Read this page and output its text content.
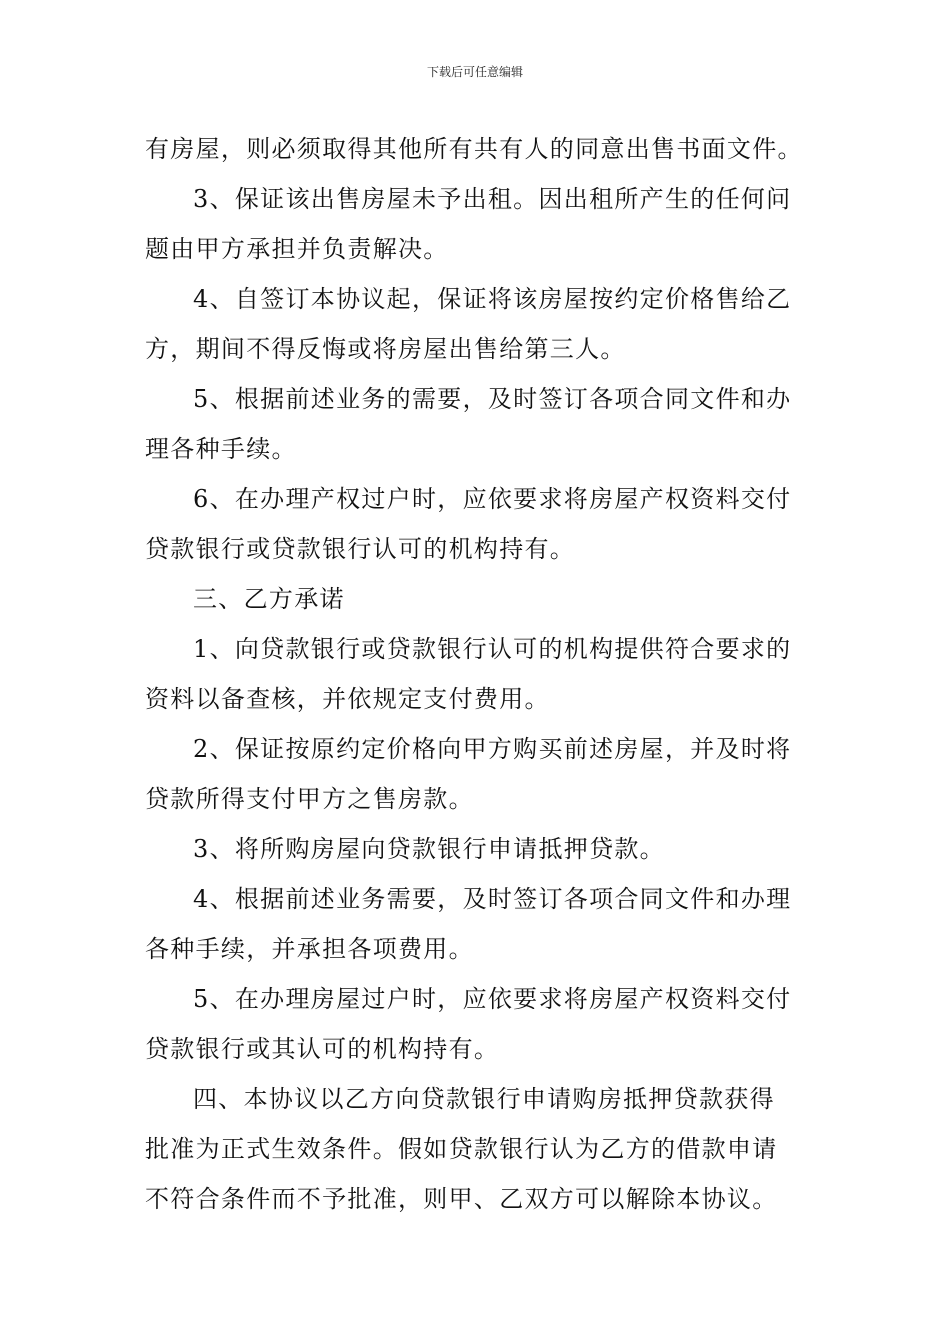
下载后可任意编辑
有房屋，则必须取得其他所有共有人的同意出售书面文件。
3、保证该出售房屋未予出租。因出租所产生的任何问
题由甲方承担并负责解决。
4、自签订本协议起，保证将该房屋按约定价格售给乙
方，期间不得反悔或将房屋出售给第三人。
5、根据前述业务的需要，及时签订各项合同文件和办
理各种手续。
6、在办理产权过户时，应依要求将房屋产权资料交付
贷款银行或贷款银行认可的机构持有。
三、乙方承诺
1、向贷款银行或贷款银行认可的机构提供符合要求的
资料以备查核，并依规定支付费用。
2、保证按原约定价格向甲方购买前述房屋，并及时将
贷款所得支付甲方之售房款。
3、将所购房屋向贷款银行申请抵押贷款。
4、根据前述业务需要，及时签订各项合同文件和办理
各种手续，并承担各项费用。
5、在办理房屋过户时，应依要求将房屋产权资料交付
贷款银行或其认可的机构持有。
四、本协议以乙方向贷款银行申请购房抵押贷款获得
批准为正式生效条件。假如贷款银行认为乙方的借款申请
不符合条件而不予批准，则甲、乙双方可以解除本协议。
